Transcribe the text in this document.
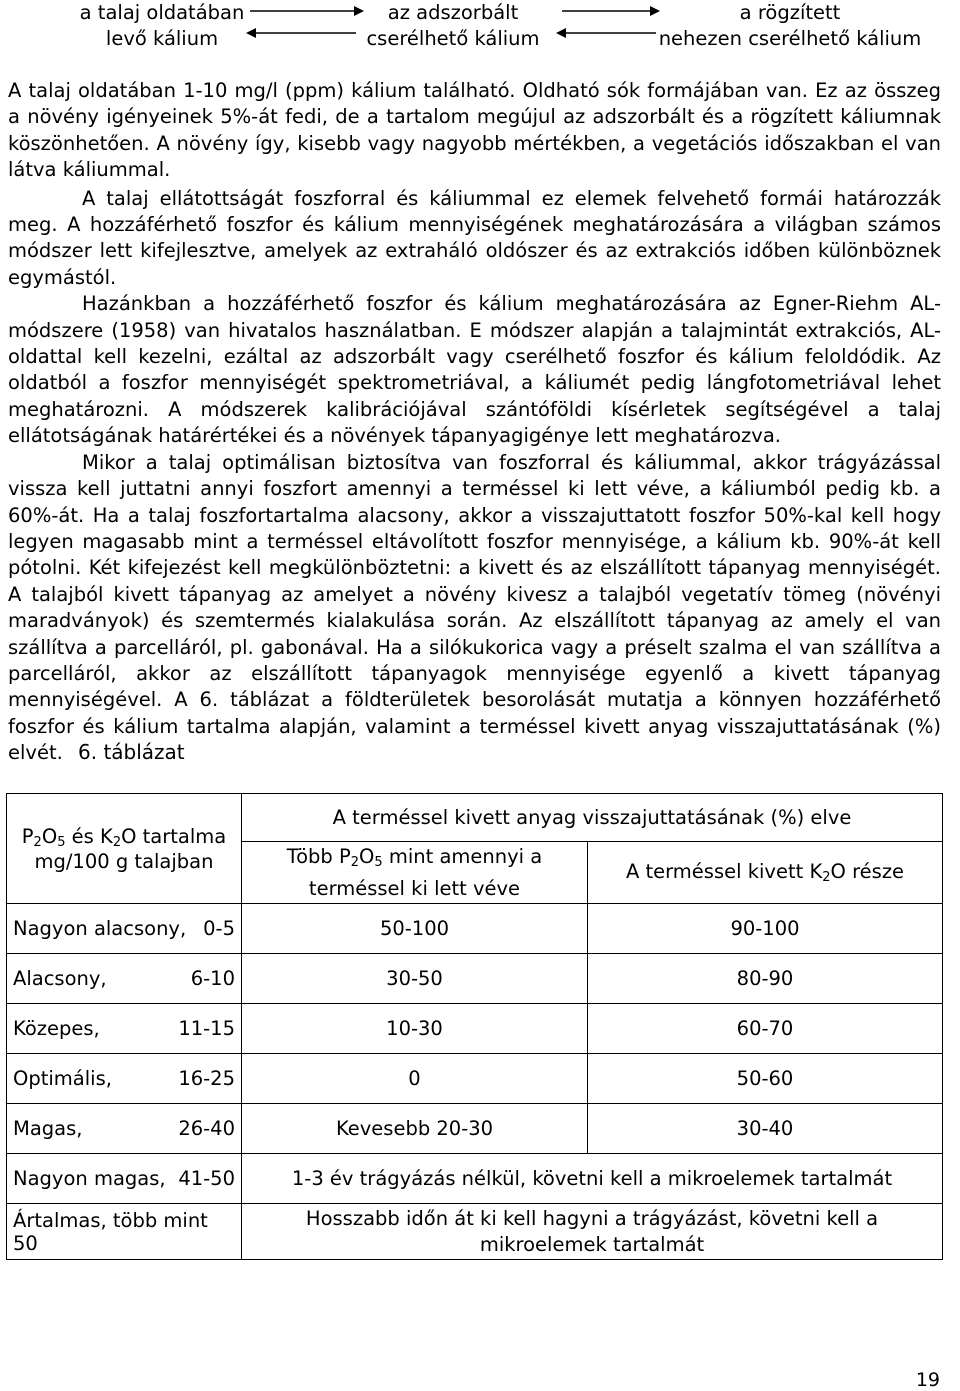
a talaj oldatában
levő kálium
az adszorbált
cserélhető kálium
a rögzített
nehezen cserélhető kálium

A talaj oldatában 1-10 mg/l (ppm) kálium található. Oldható sók formájában van. Ez az összeg a növény igényeinek 5%-át fedi, de a tartalom megújul az adszorbált és a rögzített káliumnak köszönhetően. A növény így, kisebb vagy nagyobb mértékben, a vegetációs időszakban el van látva káliummal.

A talaj ellátottságát foszforral és káliummal ez elemek felvehető formái határozzák meg. A hozzáférhető foszfor és kálium mennyiségének meghatározására a világban számos módszer lett kifejlesztve, amelyek az extraháló oldószer és az extrakciós időben különböznek egymástól.

Hazánkban a hozzáférhető foszfor és kálium meghatározására az Egner-Riehm AL-módszere (1958) van hivatalos használatban. E módszer alapján a talajmintát extrakciós, AL-oldattal kell kezelni, ezáltal az adszorbált vagy cserélhető foszfor és kálium feloldódik. Az oldatból a foszfor mennyiségét spektrometriával, a káliumét pedig lángfotometriával lehet meghatározni. A módszerek kalibrációjával szántóföldi kísérletek segítségével a talaj ellátotságának határértékei és a növények tápanyagigénye lett meghatározva.

Mikor a talaj optimálisan biztosítva van foszforral és káliummal, akkor trágyázással vissza kell juttatni annyi foszfort amennyi a terméssel ki lett véve, a káliumból pedig kb. a 60%-át. Ha a talaj foszfortartalma alacsony, akkor a visszajuttatott foszfor 50%-kal kell hogy legyen magasabb mint a terméssel eltávolított foszfor mennyisége, a kálium kb. 90%-át kell pótolni. Két kifejezést kell megkülönböztetni: a kivett és az elszállított tápanyag mennyiségét. A talajból kivett tápanyag az amelyet a növény kivesz a talajból vegetatív tömeg (növényi maradványok) és szemtermés kialakulása során. Az elszállított tápanyag az amely el van szállítva a parcelláról, pl. gabonával. Ha a silókukorica vagy a préselt szalma el van szállítva a parcelláról, akkor az elszállított tápanyagok mennyisége egyenlő a kivett tápanyag mennyiségével. A 6. táblázat a földterületek besorolását mutatja a könnyen hozzáférhető foszfor és kálium tartalma alapján, valamint a terméssel kivett anyag visszajuttatásának (%) elvét. 6. táblázat
$P_2O_5$ és $K_2O$ tartalma
mg/100 g talajban	A terméssel kivett anyag visszajuttatásának (%) elve	

	Több $P_2O_5$ mint amennyi a
terméssel ki lett véve	A terméssel kivett $K_2O$ része

Nagyon alacsony, 0-5	50-100	90-100

Alacsony, 6-10	30-50	80-90

Közepes, 11-15	10-30	60-70

Optimális, 16-25	0	50-60

Magas, 26-40	Kevesebb 20-30	30-40

Nagyon magas, 41-50	1-3 év trágyázás nélkül, követni kell a mikroelemek tartalmát	
Ártalmas, több mint 50	Hosszabb időn át ki kell hagyni a trágyázást, követni kell a mikroelemek tartalmát	
19
